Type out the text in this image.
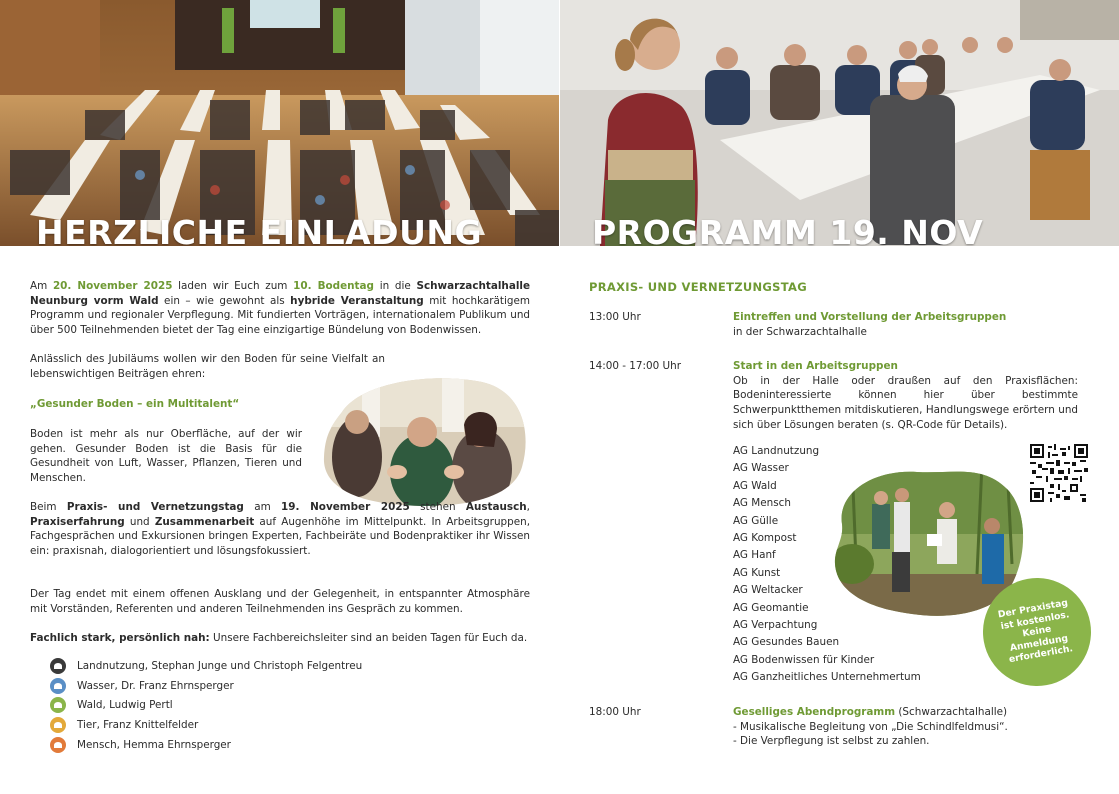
HERZLICHE EINLADUNG
Am 20. November 2025 laden wir Euch zum 10. Bodentag in die Schwarzachtalhalle Neunburg vorm Wald ein – wie gewohnt als hybride Veranstaltung mit hochkarätigem Programm und regionaler Verpflegung. Mit fundierten Vorträgen, internationalem Publikum und über 500 Teilnehmenden bietet der Tag eine einzigartige Bündelung von Bodenwissen.
Anlässlich des Jubiläums wollen wir den Boden für seine Vielfalt an lebenswichtigen Beiträgen ehren:
„Gesunder Boden – ein Multitalent“
Boden ist mehr als nur Oberfläche, auf der wir gehen. Gesunder Boden ist die Basis für die Gesundheit von Luft, Wasser, Pflanzen, Tieren und Menschen.
Beim Praxis- und Vernetzungstag am 19. November 2025 stehen Austausch, Praxiserfahrung und Zusammenarbeit auf Augenhöhe im Mittelpunkt. In Arbeitsgruppen, Fachgesprächen und Exkursionen bringen Experten, Fachbeiräte und Bodenpraktiker ihr Wissen ein: praxisnah, dialogorientiert und lösungsfokussiert.
Der Tag endet mit einem offenen Ausklang und der Gelegenheit, in entspannter Atmosphäre mit Vorständen, Referenten und anderen Teilnehmenden ins Gespräch zu kommen.
Fachlich stark, persönlich nah: Unsere Fachbereichsleiter sind an beiden Tagen für Euch da.
Landnutzung, Stephan Junge und Christoph Felgentreu
Wasser, Dr. Franz Ehrnsperger
Wald, Ludwig Pertl
Tier, Franz Knittelfelder
Mensch, Hemma Ehrnsperger
PROGRAMM 19. NOV
PRAXIS- UND VERNETZUNGSTAG
13:00 Uhr	Eintreffen und Vorstellung der Arbeitsgruppen
in der Schwarzachtalhalle
14:00 - 17:00 Uhr	Start in den Arbeitsgruppen
Ob in der Halle oder draußen auf den Praxisflächen: Bodeninteressierte können hier über bestimmte Schwerpunktthemen mitdiskutieren, Handlungswege erörtern und sich über Lösungen beraten (s. QR-Code für Details).
AG Landnutzung
AG Wasser
AG Wald
AG Mensch
AG Gülle
AG Kompost
AG Hanf
AG Kunst
AG Weltacker
AG Geomantie
AG Verpachtung
AG Gesundes Bauen
AG Bodenwissen für Kinder
AG Ganzheitliches Unternehmertum
Der Praxistag ist kostenlos. Keine Anmeldung erforderlich.
18:00 Uhr	Geselliges Abendprogramm (Schwarzachtalhalle)
- Musikalische Begleitung von „Die Schindlfeldmusi“.
- Die Verpflegung ist selbst zu zahlen.
